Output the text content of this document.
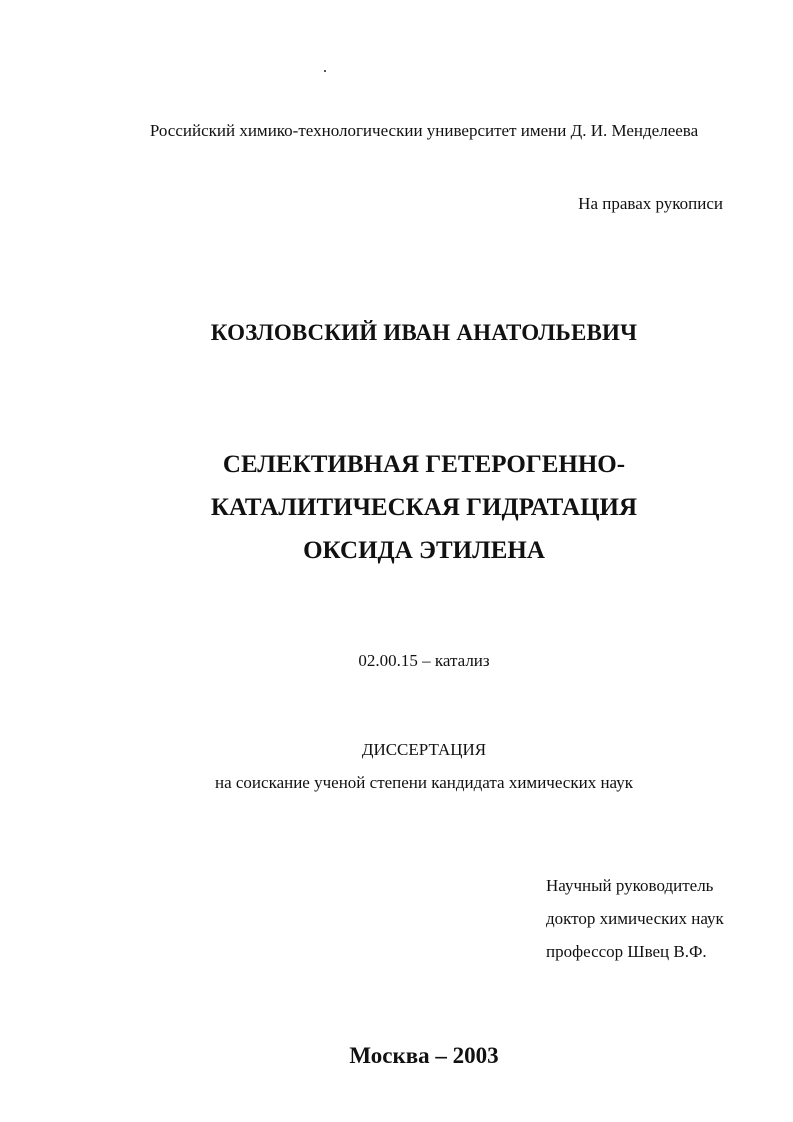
Российский химико-технологическии университет имени Д. И. Менделеева
На правах рукописи
КОЗЛОВСКИЙ ИВАН АНАТОЛЬЕВИЧ
СЕЛЕКТИВНАЯ ГЕТЕРОГЕННО-
КАТАЛИТИЧЕСКАЯ ГИДРАТАЦИЯ
ОКСИДА ЭТИЛЕНА
02.00.15 – катализ
ДИССЕРТАЦИЯ
на соискание ученой степени кандидата химических наук
Научный руководитель
доктор химических наук
профессор Швец В.Ф.
Москва – 2003
